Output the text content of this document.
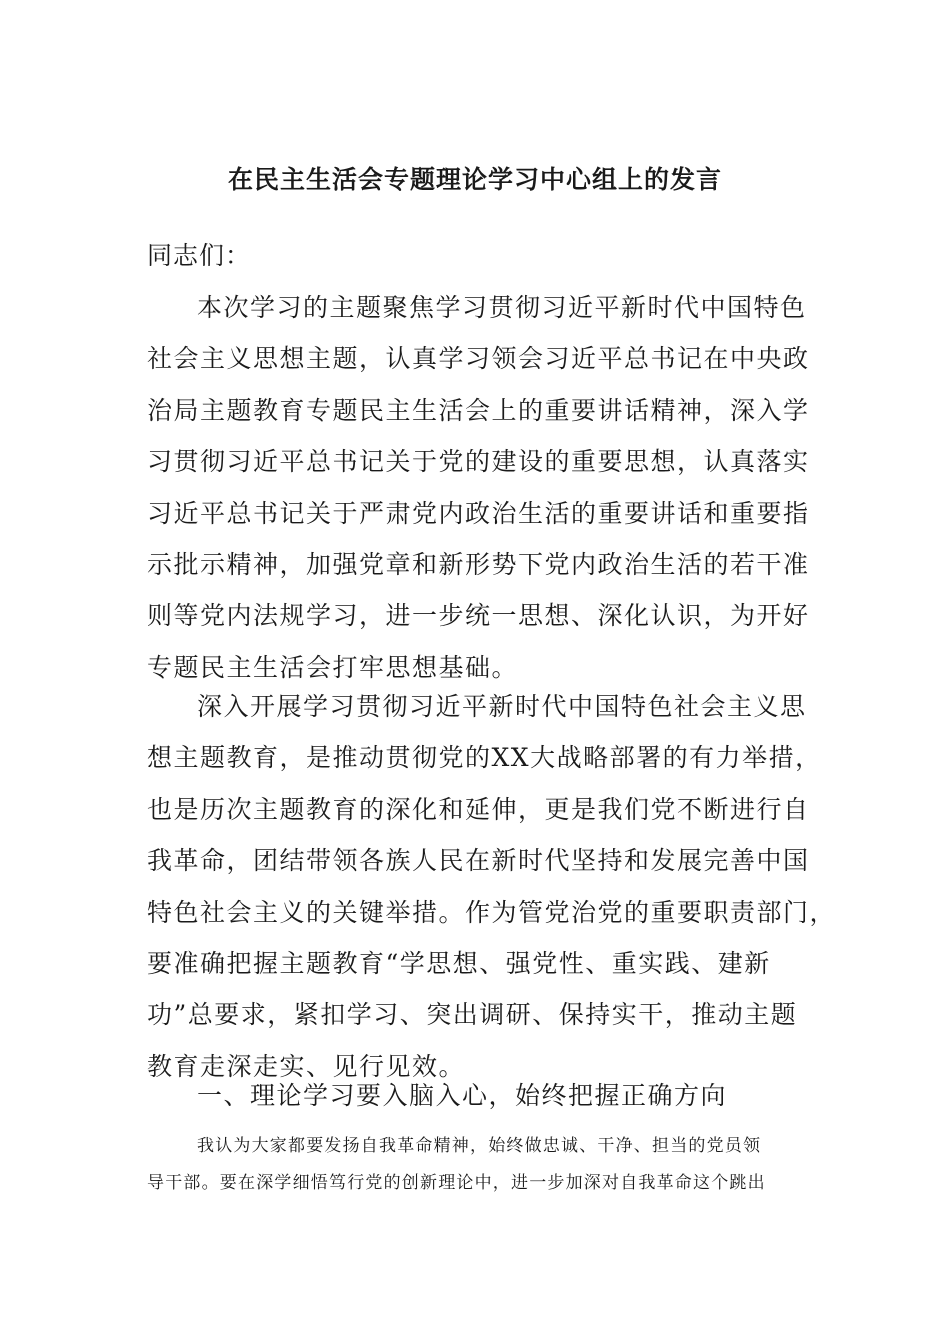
在民主生活会专题理论学习中心组上的发言
同志们：
本次学习的主题聚焦学习贯彻习近平新时代中国特色
社会主义思想主题，认真学习领会习近平总书记在中央政
治局主题教育专题民主生活会上的重要讲话精神，深入学
习贯彻习近平总书记关于党的建设的重要思想，认真落实
习近平总书记关于严肃党内政治生活的重要讲话和重要指
示批示精神，加强党章和新形势下党内政治生活的若干准
则等党内法规学习，进一步统一思想、深化认识，为开好
专题民主生活会打牢思想基础。
深入开展学习贯彻习近平新时代中国特色社会主义思
想主题教育，是推动贯彻党的XX大战略部署的有力举措，
也是历次主题教育的深化和延伸，更是我们党不断进行自
我革命，团结带领各族人民在新时代坚持和发展完善中国
特色社会主义的关键举措。作为管党治党的重要职责部门，
要准确把握主题教育“学思想、强党性、重实践、建新
功”总要求，紧扣学习、突出调研、保持实干，推动主题
教育走深走实、见行见效。
一、理论学习要入脑入心，始终把握正确方向
我认为大家都要发扬自我革命精神，始终做忠诚、干净、担当的党员领
导干部。要在深学细悟笃行党的创新理论中，进一步加深对自我革命这个跳出
